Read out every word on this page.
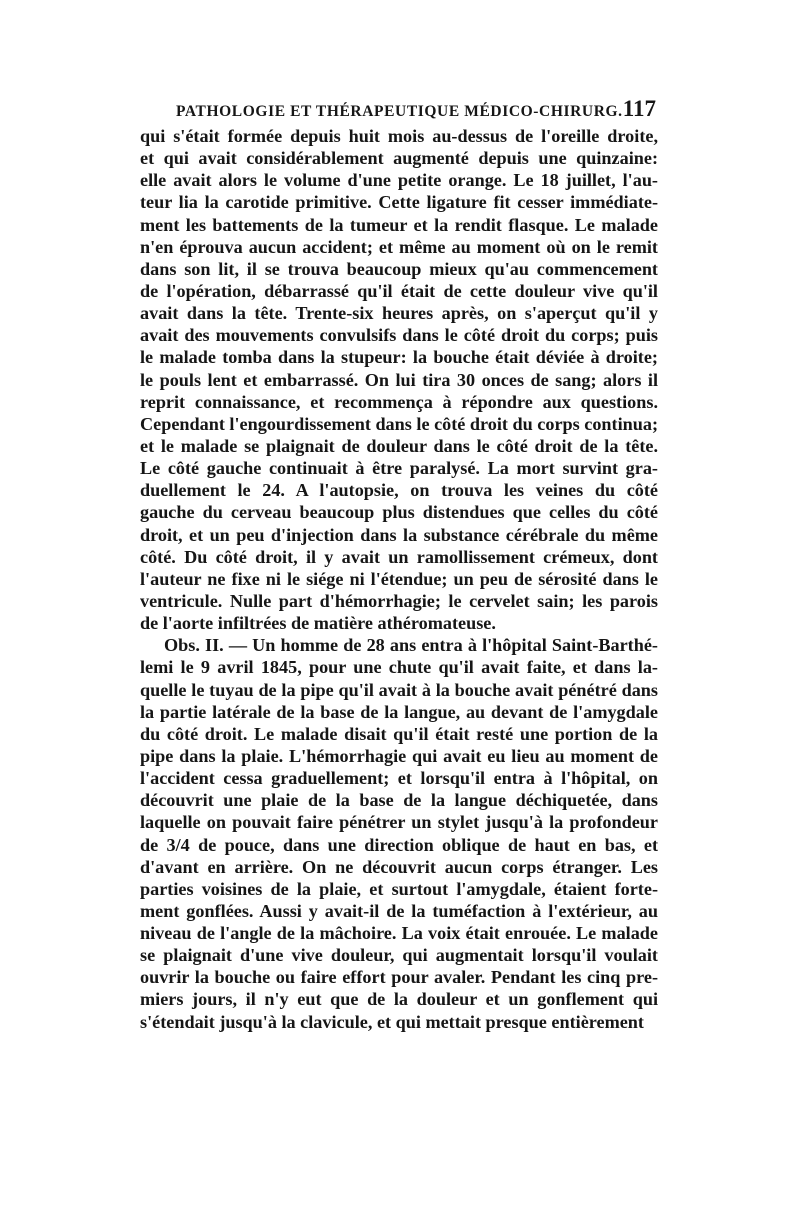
PATHOLOGIE ET THÉRAPEUTIQUE MÉDICO-CHIRURG. 117
qui s'était formée depuis huit mois au-dessus de l'oreille droite,
et qui avait considérablement augmenté depuis une quinzaine:
elle avait alors le volume d'une petite orange. Le 18 juillet, l'au-
teur lia la carotide primitive. Cette ligature fit cesser immédiate-
ment les battements de la tumeur et la rendit flasque. Le malade
n'en éprouva aucun accident; et même au moment où on le remit
dans son lit, il se trouva beaucoup mieux qu'au commencement
de l'opération, débarrassé qu'il était de cette douleur vive qu'il
avait dans la tête. Trente-six heures après, on s'aperçut qu'il y
avait des mouvements convulsifs dans le côté droit du corps; puis
le malade tomba dans la stupeur: la bouche était déviée à droite;
le pouls lent et embarrassé. On lui tira 30 onces de sang; alors il
reprit connaissance, et recommença à répondre aux questions.
Cependant l'engourdissement dans le côté droit du corps continua;
et le malade se plaignait de douleur dans le côté droit de la tête.
Le côté gauche continuait à être paralysé. La mort survint gra-
duellement le 24. A l'autopsie, on trouva les veines du côté
gauche du cerveau beaucoup plus distendues que celles du côté
droit, et un peu d'injection dans la substance cérébrale du même
côté. Du côté droit, il y avait un ramollissement crémeux, dont
l'auteur ne fixe ni le siége ni l'étendue; un peu de sérosité dans le
ventricule. Nulle part d'hémorrhagie; le cervelet sain; les parois
de l'aorte infiltrées de matière athéromateuse.
Obs. II. — Un homme de 28 ans entra à l'hôpital Saint-Barthé-
lemi le 9 avril 1845, pour une chute qu'il avait faite, et dans la-
quelle le tuyau de la pipe qu'il avait à la bouche avait pénétré dans
la partie latérale de la base de la langue, au devant de l'amygdale
du côté droit. Le malade disait qu'il était resté une portion de la
pipe dans la plaie. L'hémorrhagie qui avait eu lieu au moment de
l'accident cessa graduellement; et lorsqu'il entra à l'hôpital, on
découvrit une plaie de la base de la langue déchiquetée, dans
laquelle on pouvait faire pénétrer un stylet jusqu'à la profondeur
de 3/4 de pouce, dans une direction oblique de haut en bas, et
d'avant en arrière. On ne découvrit aucun corps étranger. Les
parties voisines de la plaie, et surtout l'amygdale, étaient forte-
ment gonflées. Aussi y avait-il de la tuméfaction à l'extérieur, au
niveau de l'angle de la mâchoire. La voix était enrouée. Le malade
se plaignait d'une vive douleur, qui augmentait lorsqu'il voulait
ouvrir la bouche ou faire effort pour avaler. Pendant les cinq pre-
miers jours, il n'y eut que de la douleur et un gonflement qui
s'étendait jusqu'à la clavicule, et qui mettait presque entièrement
